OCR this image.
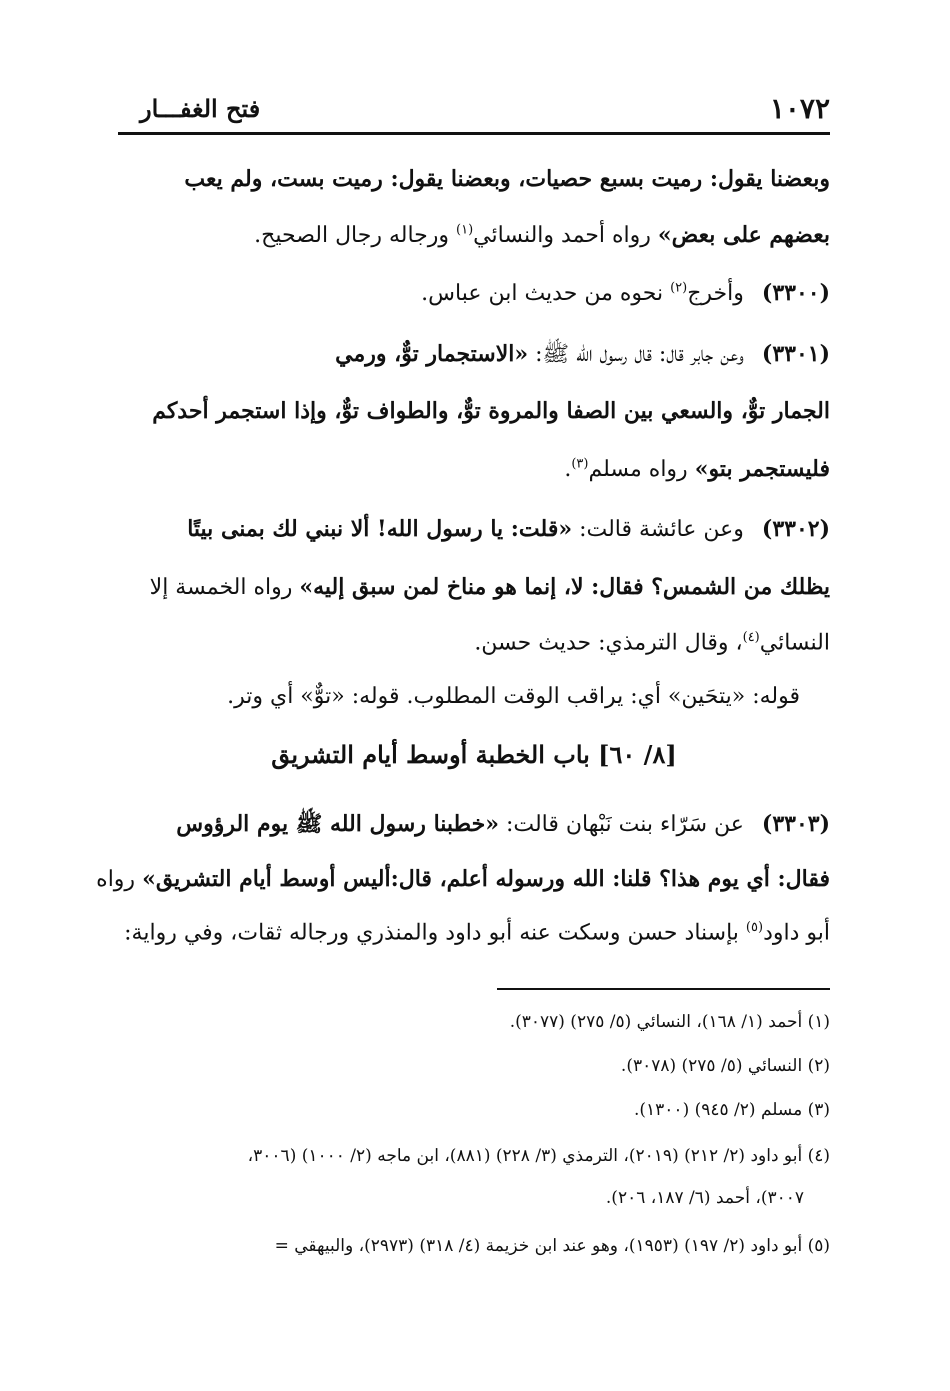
١٠٧٢
فتح الغفـــار
وبعضنا يقول: رميت بسبع حصيات، وبعضنا يقول: رميت بست، ولم يعب
بعضهم على بعض» رواه أحمد والنسائي$^{(١)}$ ورجاله رجال الصحيح.
(٣٣٠٠)وأخرج$^{(٢)}$ نحوه من حديث ابن عباس.
(٣٣٠١)وعن جابر قال: قال رسول الله ﷺ: «الاستجمار توٌّ، ورمي
الجمار توٌّ، والسعي بين الصفا والمروة توٌّ، والطواف توٌّ، وإذا استجمر أحدكم
فليستجمر بتو» رواه مسلم$^{(٣)}$.
(٣٣٠٢)وعن عائشة قالت: «قلت: يا رسول الله! ألا نبني لك بمنى بيتًا
يظلك من الشمس؟ فقال: لا، إنما هو مناخ لمن سبق إليه» رواه الخمسة إلا
النسائي$^{(٤)}$، وقال الترمذي: حديث حسن.
قوله: «يتحَين» أي: يراقب الوقت المطلوب. قوله: «توٌّ» أي وتر.
[٨/ ٦٠] باب الخطبة أوسط أيام التشريق
(٣٣٠٣)عن سَرّاء بنت نَبْهان قالت: «خطبنا رسول الله ﷺ يوم الرؤوس
فقال: أي يوم هذا؟ قلنا: الله ورسوله أعلم، قال:أليس أوسط أيام التشريق» رواه
أبو داود$^{(٥)}$ بإسناد حسن وسكت عنه أبو داود والمنذري ورجاله ثقات، وفي رواية:
(١) أحمد (١/ ١٦٨)، النسائي (٥/ ٢٧٥) (٣٠٧٧).
(٢) النسائي (٥/ ٢٧٥) (٣٠٧٨).
(٣) مسلم (٢/ ٩٤٥) (١٣٠٠).
(٤) أبو داود (٢/ ٢١٢) (٢٠١٩)، الترمذي (٣/ ٢٢٨) (٨٨١)، ابن ماجه (٢/ ١٠٠٠) (٣٠٠٦،
٣٠٠٧)، أحمد (٦/ ١٨٧، ٢٠٦).
(٥) أبو داود (٢/ ١٩٧) (١٩٥٣)، وهو عند ابن خزيمة (٤/ ٣١٨) (٢٩٧٣)، والبيهقي =
